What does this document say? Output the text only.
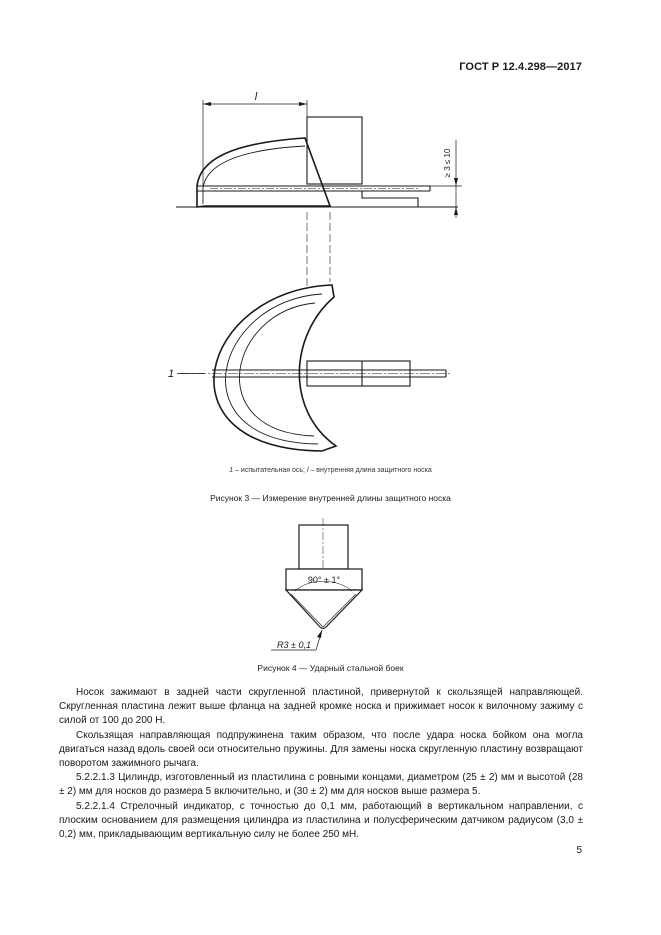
ГОСТ Р 12.4.298—2017
l
≥ 3 ≤ 10
1
90° ± 1°
R3 ± 0,1
1 – испытательная ось; l – внутренняя длина защитного носка
Рисунок 3 — Измерение внутренней длины защитного носка
Рисунок 4 — Ударный стальной боек

Носок зажимают в задней части скругленной пластиной, привернутой к скользящей направляющей. Скругленная пластина лежит выше фланца на задней кромке носка и прижимает носок к вилочному зажиму с силой от 100 до 200 Н.

Скользящая направляющая подпружинена таким образом, что после удара носка бойком она могла двигаться назад вдоль своей оси относительно пружины. Для замены носка скругленную пластину возвращают поворотом зажимного рычага.

5.2.2.1.3 Цилиндр, изготовленный из пластилина с ровными концами, диаметром (25 ± 2) мм и высотой (28 ± 2) мм для носков до размера 5 включительно, и (30 ± 2) мм для носков выше размера 5.

5.2.2.1.4 Стрелочный индикатор, с точностью до 0,1 мм, работающий в вертикальном направлении, с плоским основанием для размещения цилиндра из пластилина и полусферическим датчиком радиусом (3,0 ± 0,2) мм, прикладывающим вертикальную силу не более 250 мН.

5
